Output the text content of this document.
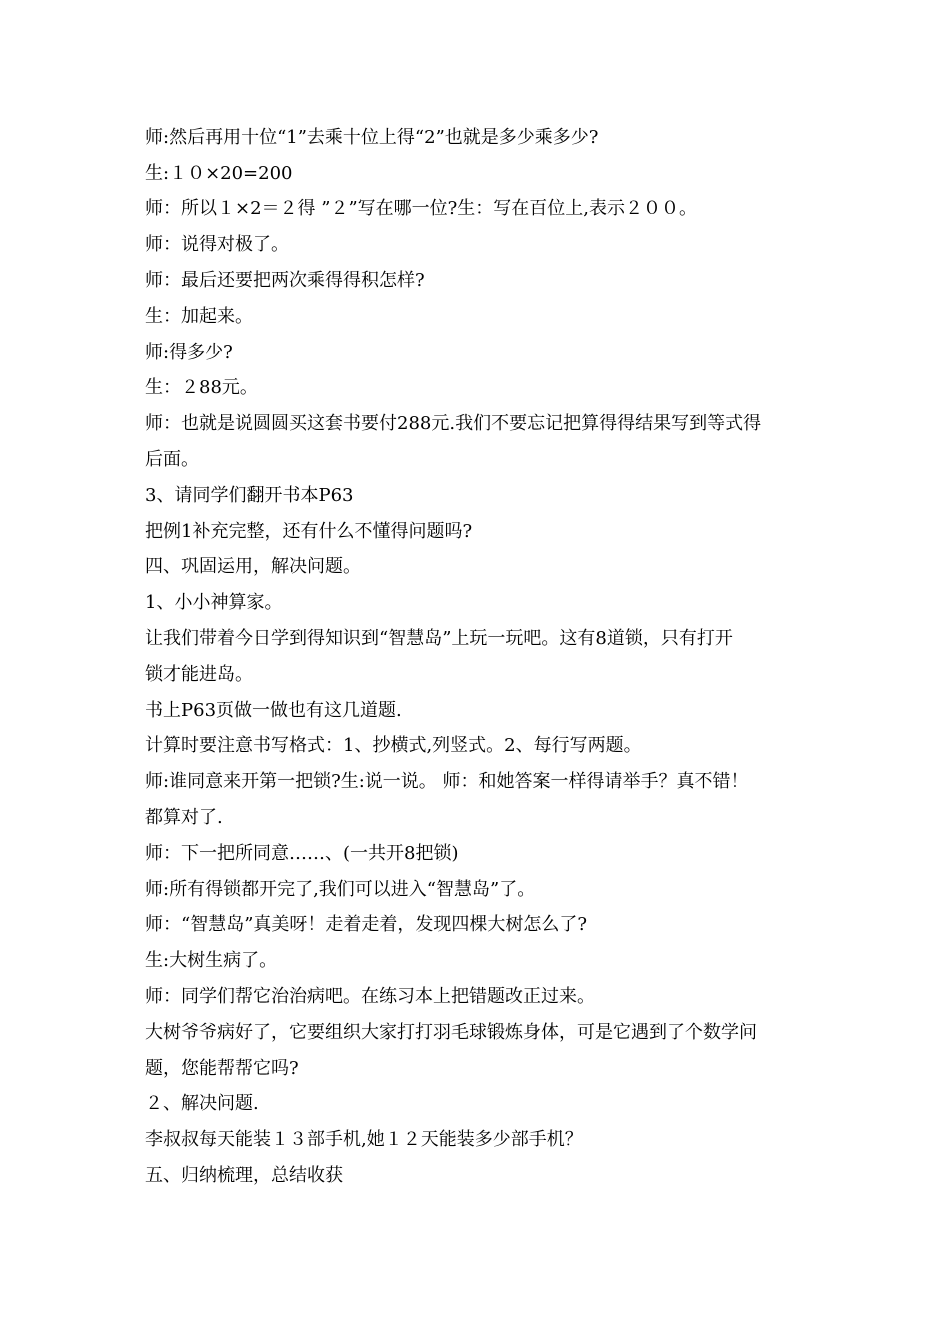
师:然后再用十位“1”去乘十位上得“2”也就是多少乘多少?
生:１０×20=200
师：所以１×2＝２得 ”２”写在哪一位?生：写在百位上,表示２００。
师：说得对极了。
师：最后还要把两次乘得得积怎样?
生：加起来。
师:得多少?
生：２88元。
师：也就是说圆圆买这套书要付288元.我们不要忘记把算得得结果写到等式得
后面。
3、请同学们翻开书本P63
把例1补充完整，还有什么不懂得问题吗?
四、巩固运用，解决问题。
1、小小神算家。
让我们带着今日学到得知识到“智慧岛”上玩一玩吧。这有8道锁，只有打开
锁才能进岛。
书上P63页做一做也有这几道题.
计算时要注意书写格式：1、抄横式,列竖式。2、每行写两题。
师:谁同意来开第一把锁?生:说一说。 师：和她答案一样得请举手？真不错！
都算对了.
师：下一把所同意……、(一共开8把锁)
师:所有得锁都开完了,我们可以进入“智慧岛”了。
师：“智慧岛”真美呀！走着走着，发现四棵大树怎么了?
生:大树生病了。
师：同学们帮它治治病吧。在练习本上把错题改正过来。
大树爷爷病好了，它要组织大家打打羽毛球锻炼身体，可是它遇到了个数学问
题，您能帮帮它吗?
２、解决问题.
李叔叔每天能装１３部手机,她１２天能装多少部手机？
五、归纳梳理，总结收获
